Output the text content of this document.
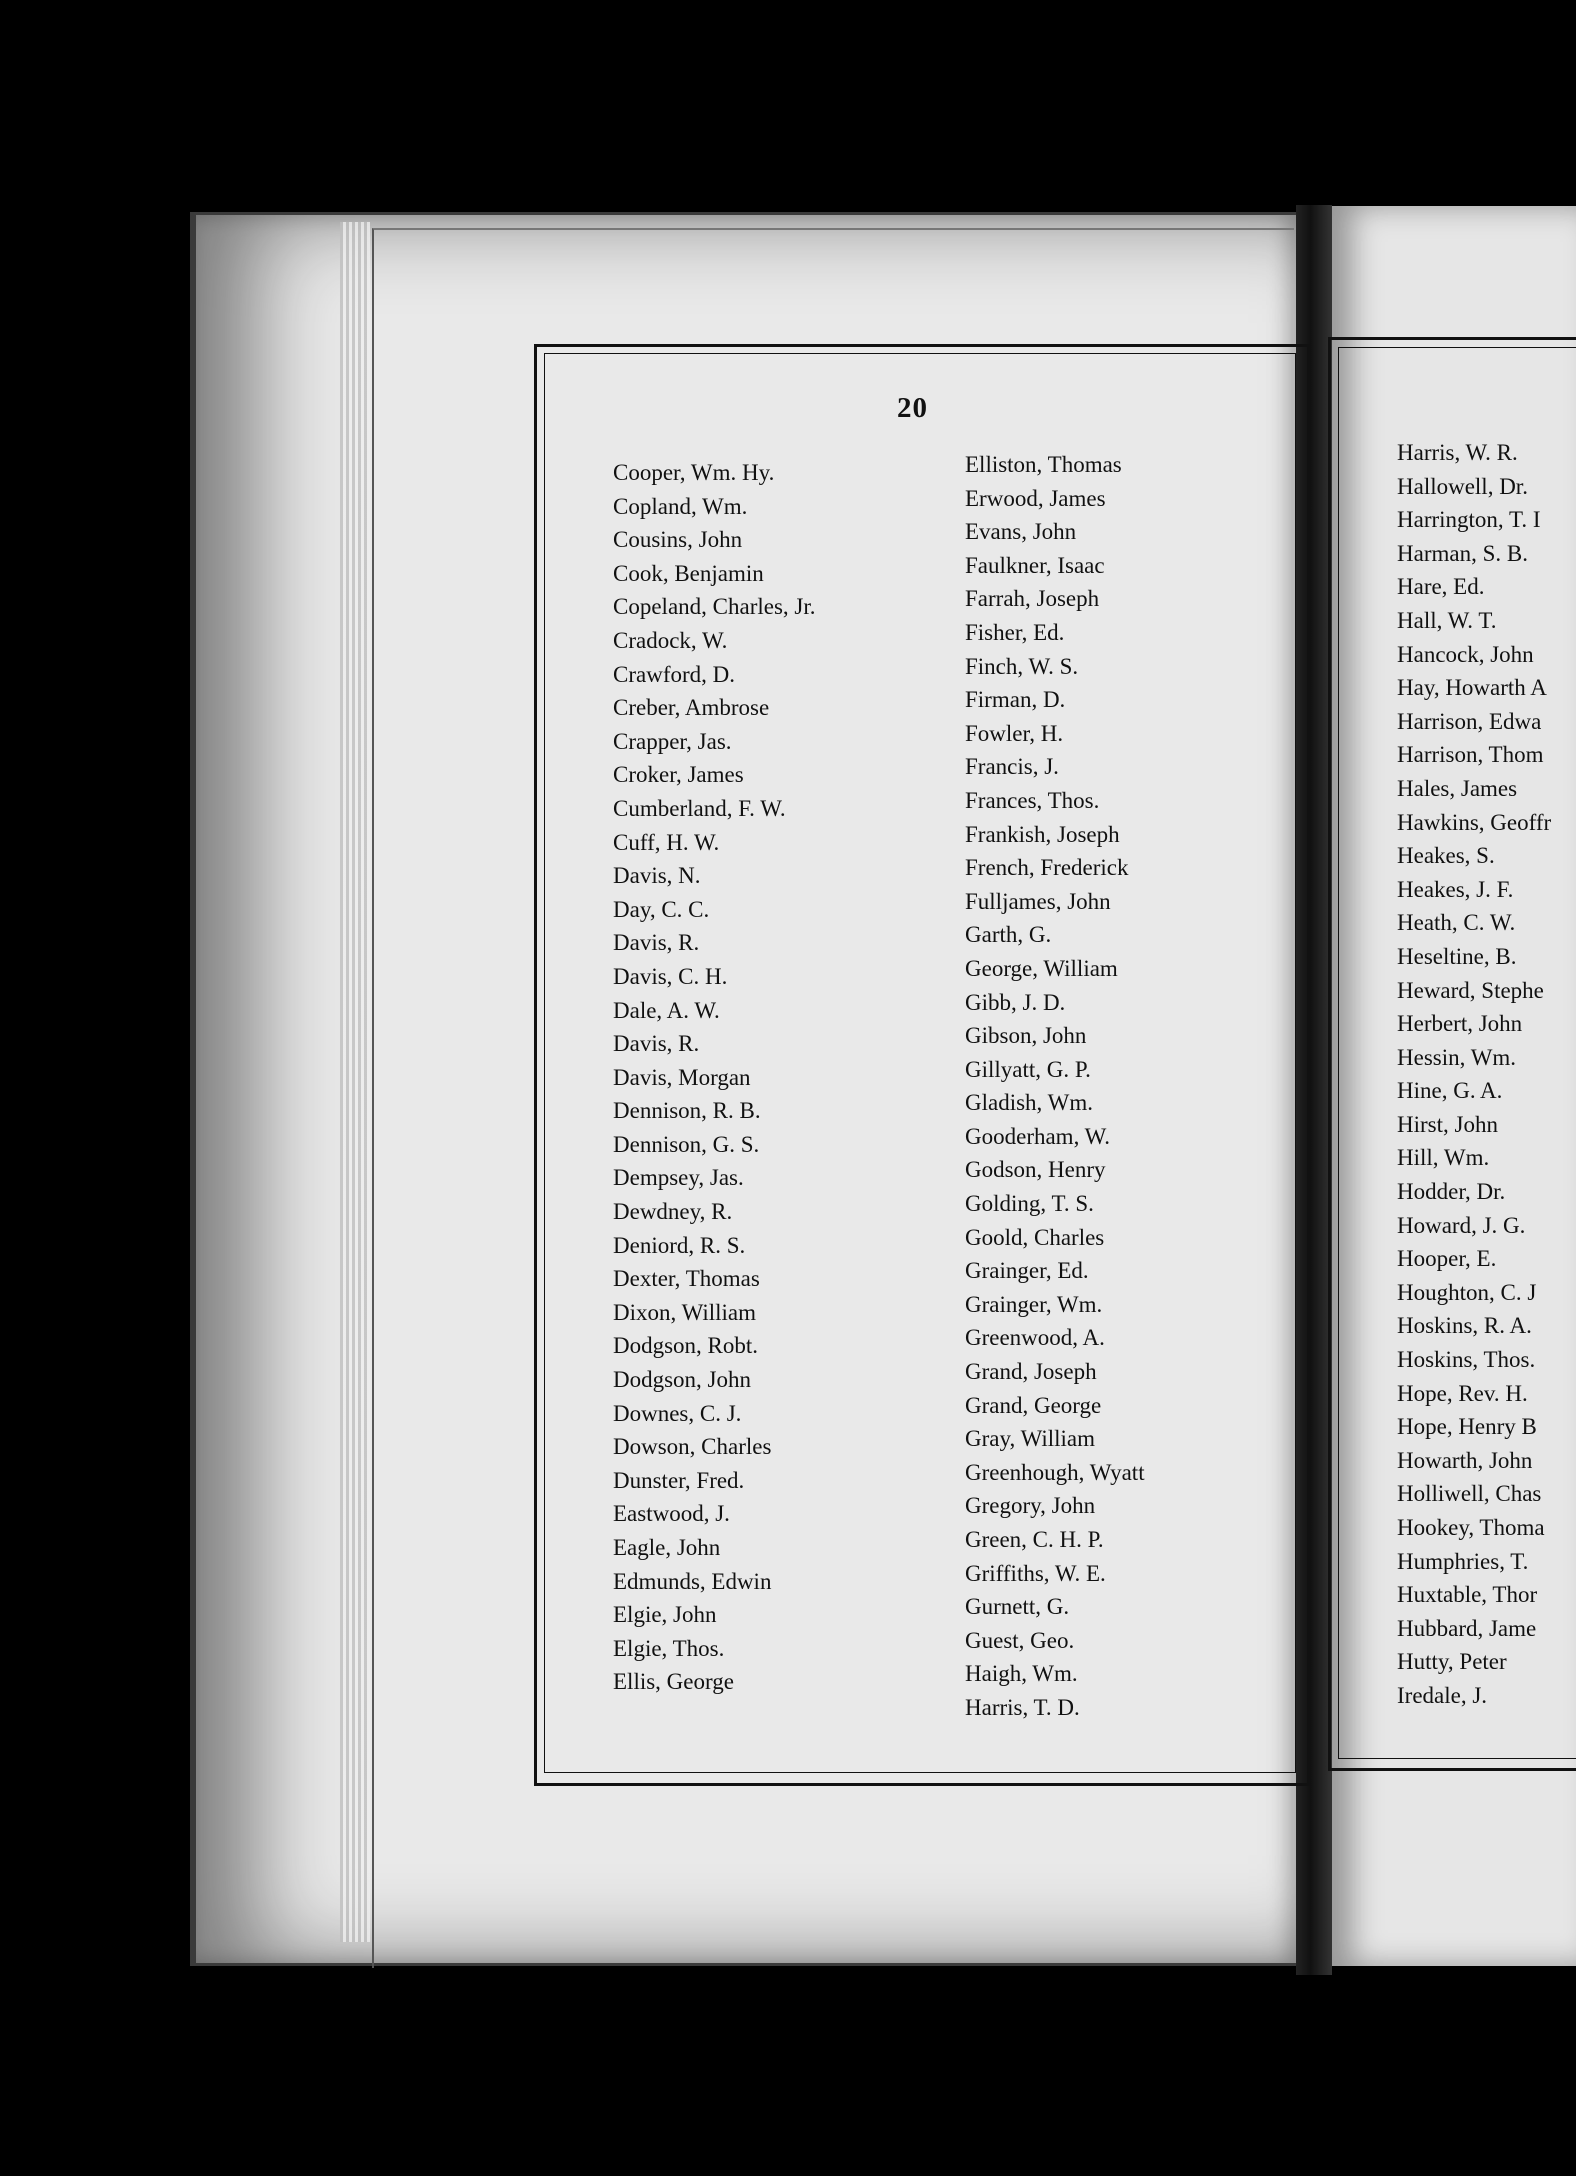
20
Cooper, Wm. Hy.
Copland, Wm.
Cousins, John
Cook, Benjamin
Copeland, Charles, Jr.
Cradock, W.
Crawford, D.
Creber, Ambrose
Crapper, Jas.
Croker, James
Cumberland, F. W.
Cuff, H. W.
Davis, N.
Day, C. C.
Davis, R.
Davis, C. H.
Dale, A. W.
Davis, R.
Davis, Morgan
Dennison, R. B.
Dennison, G. S.
Dempsey, Jas.
Dewdney, R.
Deniord, R. S.
Dexter, Thomas
Dixon, William
Dodgson, Robt.
Dodgson, John
Downes, C. J.
Dowson, Charles
Dunster, Fred.
Eastwood, J.
Eagle, John
Edmunds, Edwin
Elgie, John
Elgie, Thos.
Ellis, George
Elliston, Thomas
Erwood, James
Evans, John
Faulkner, Isaac
Farrah, Joseph
Fisher, Ed.
Finch, W. S.
Firman, D.
Fowler, H.
Francis, J.
Frances, Thos.
Frankish, Joseph
French, Frederick
Fulljames, John
Garth, G.
George, William
Gibb, J. D.
Gibson, John
Gillyatt, G. P.
Gladish, Wm.
Gooderham, W.
Godson, Henry
Golding, T. S.
Goold, Charles
Grainger, Ed.
Grainger, Wm.
Greenwood, A.
Grand, Joseph
Grand, George
Gray, William
Greenhough, Wyatt
Gregory, John
Green, C. H. P.
Griffiths, W. E.
Gurnett, G.
Guest, Geo.
Haigh, Wm.
Harris, T. D.
Harris, W. R.
Hallowell, Dr.
Harrington, T. I
Harman, S. B.
Hare, Ed.
Hall, W. T.
Hancock, John
Hay, Howarth A
Harrison, Edwa
Harrison, Thom
Hales, James
Hawkins, Geoffr
Heakes, S.
Heakes, J. F.
Heath, C. W.
Heseltine, B.
Heward, Stephe
Herbert, John
Hessin, Wm.
Hine, G. A.
Hirst, John
Hill, Wm.
Hodder, Dr.
Howard, J. G.
Hooper, E.
Houghton, C. J
Hoskins, R. A.
Hoskins, Thos.
Hope, Rev. H.
Hope, Henry B
Howarth, John
Holliwell, Chas
Hookey, Thoma
Humphries, T.
Huxtable, Thor
Hubbard, Jame
Hutty, Peter
Iredale, J.
